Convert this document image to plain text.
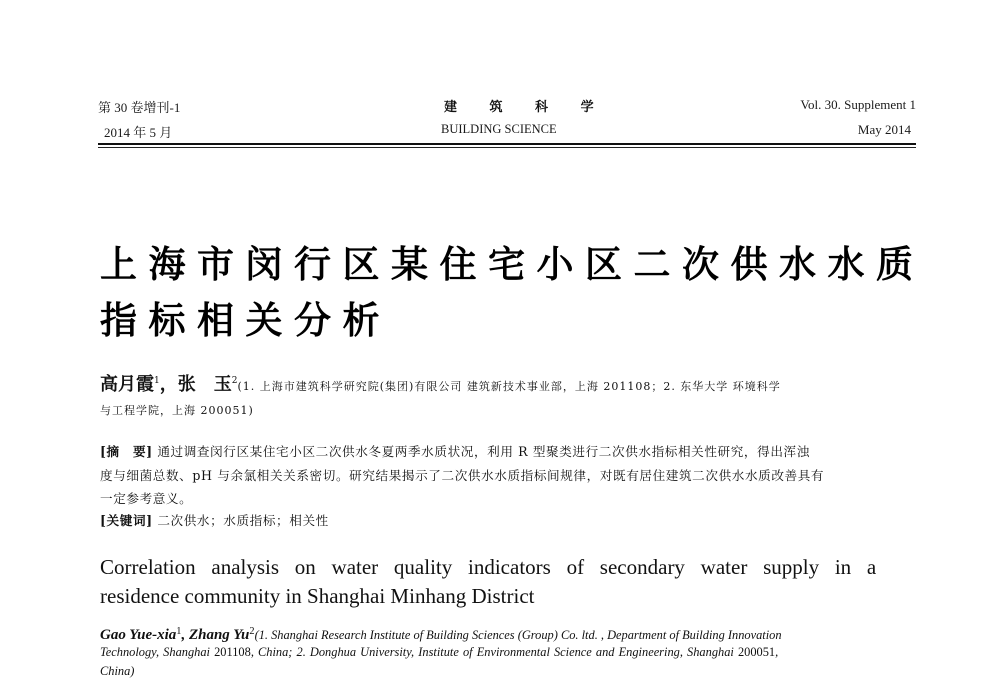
第 30 卷增刊-1
2014 年 5 月
建 筑 科 学
BUILDING SCIENCE
Vol. 30. Supplement 1
May 2014
上海市闵行区某住宅小区二次供水水质
指标相关分析
高月霞$^1$，张　玉$^2$(1. 上海市建筑科学研究院(集团)有限公司 建筑新技术事业部，上海 201108；2. 东华大学 环境科学
与工程学院，上海 200051)
[摘　要] 通过调查闵行区某住宅小区二次供水冬夏两季水质状况，利用 R 型聚类进行二次供水指标相关性研究，得出浑浊
度与细菌总数、pH 与余氯相关关系密切。研究结果揭示了二次供水水质指标间规律，对既有居住建筑二次供水水质改善具有
一定参考意义。
[关键词] 二次供水；水质指标；相关性
Correlation analysis on water quality indicators of secondary water supply in a
residence community in Shanghai Minhang District
Gao Yue-xia$^1$, Zhang Yu$^2$(1. Shanghai Research Institute of Building Sciences (Group) Co. ltd. , Department of Building Innovation
Technology, Shanghai 201108, China; 2. Donghua University, Institute of Environmental Science and Engineering, Shanghai 200051,
China)
